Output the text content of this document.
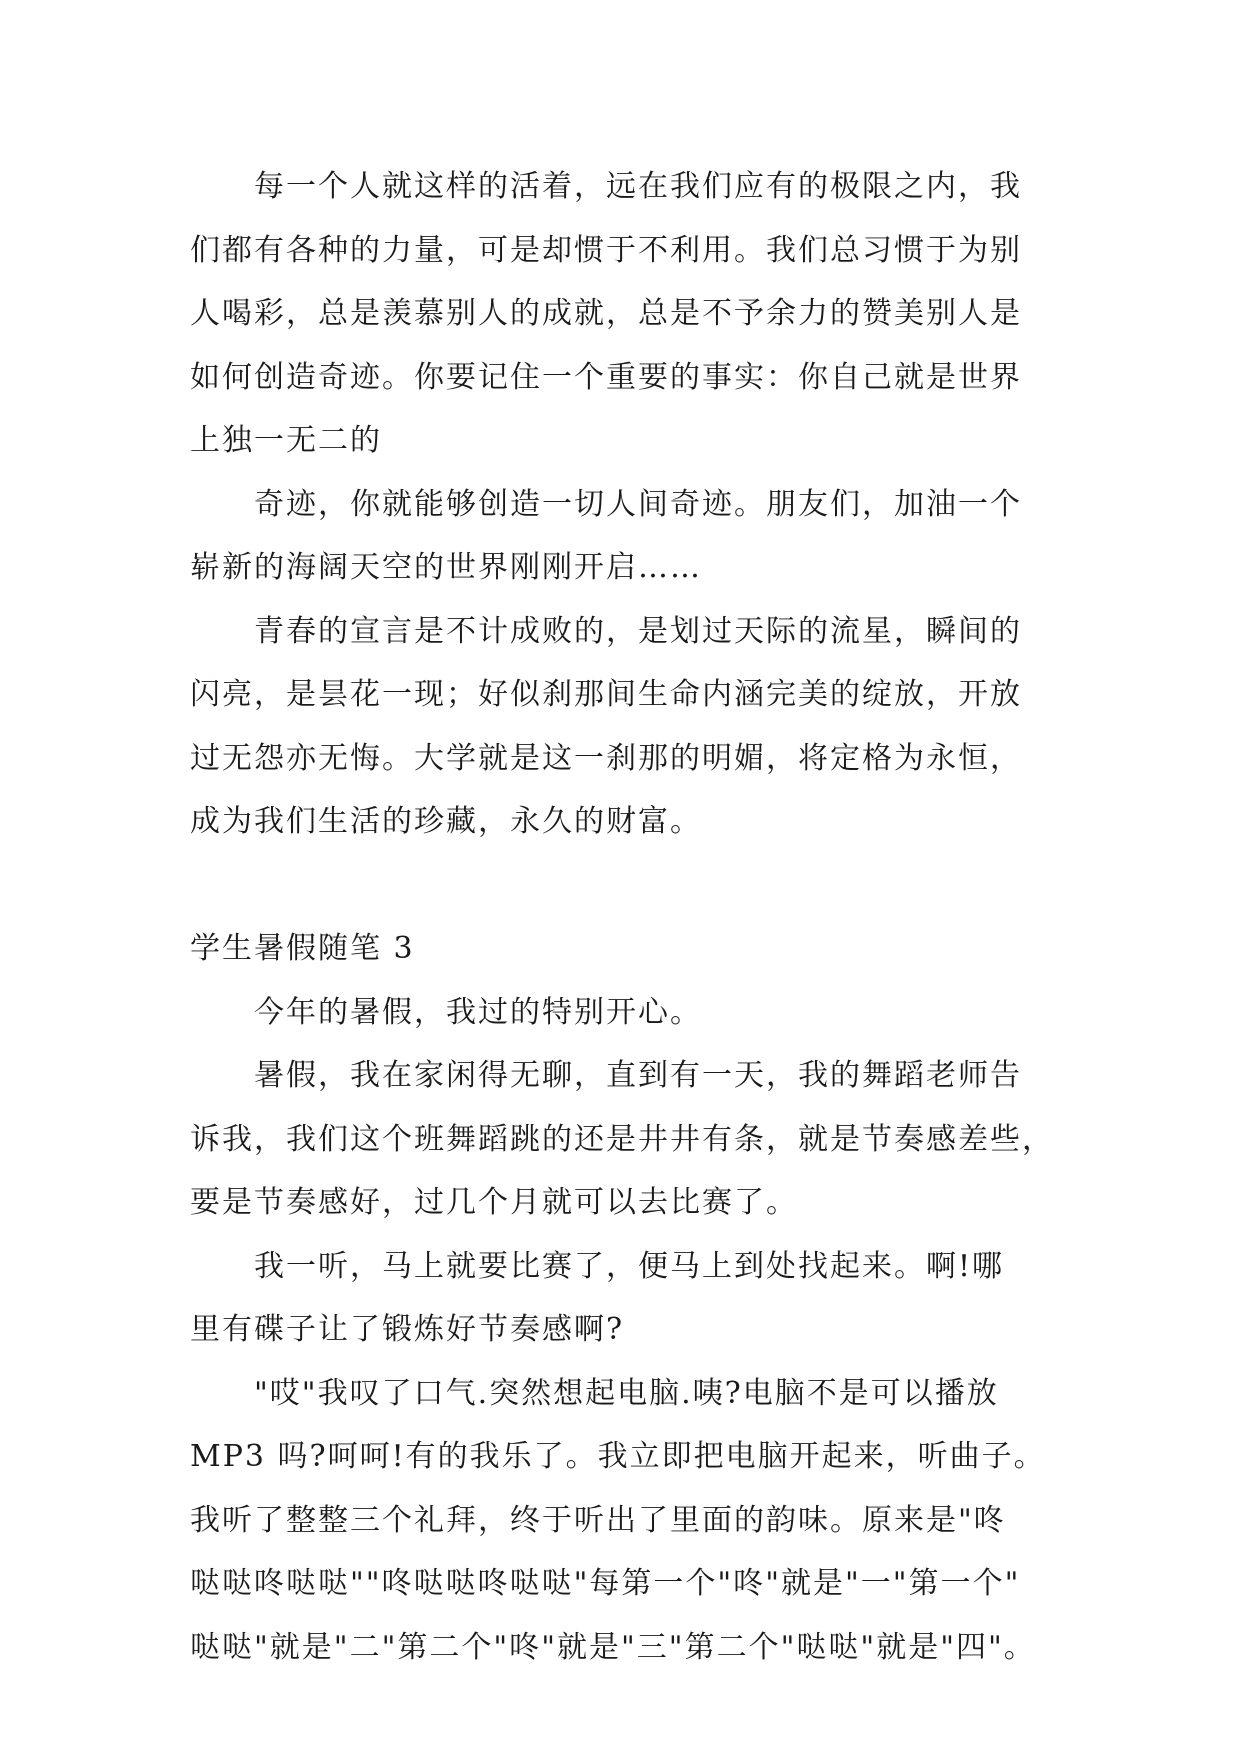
每一个人就这样的活着，远在我们应有的极限之内，我
们都有各种的力量，可是却惯于不利用。我们总习惯于为别
人喝彩，总是羡慕别人的成就，总是不予余力的赞美别人是
如何创造奇迹。你要记住一个重要的事实：你自己就是世界
上独一无二的
奇迹，你就能够创造一切人间奇迹。朋友们，加油一个
崭新的海阔天空的世界刚刚开启……
青春的宣言是不计成败的，是划过天际的流星，瞬间的
闪亮，是昙花一现；好似刹那间生命内涵完美的绽放，开放
过无怨亦无悔。大学就是这一刹那的明媚，将定格为永恒，
成为我们生活的珍藏，永久的财富。
学生暑假随笔 3
今年的暑假，我过的特别开心。
暑假，我在家闲得无聊，直到有一天，我的舞蹈老师告
诉我，我们这个班舞蹈跳的还是井井有条，就是节奏感差些，
要是节奏感好，过几个月就可以去比赛了。
我一听，马上就要比赛了，便马上到处找起来。啊!哪
里有碟子让了锻炼好节奏感啊?
"哎"我叹了口气.突然想起电脑.咦?电脑不是可以播放
MP3 吗?呵呵!有的我乐了。我立即把电脑开起来，听曲子。
我听了整整三个礼拜，终于听出了里面的韵味。原来是"咚
哒哒咚哒哒""咚哒哒咚哒哒"每第一个"咚"就是"一"第一个"
哒哒"就是"二"第二个"咚"就是"三"第二个"哒哒"就是"四"。
